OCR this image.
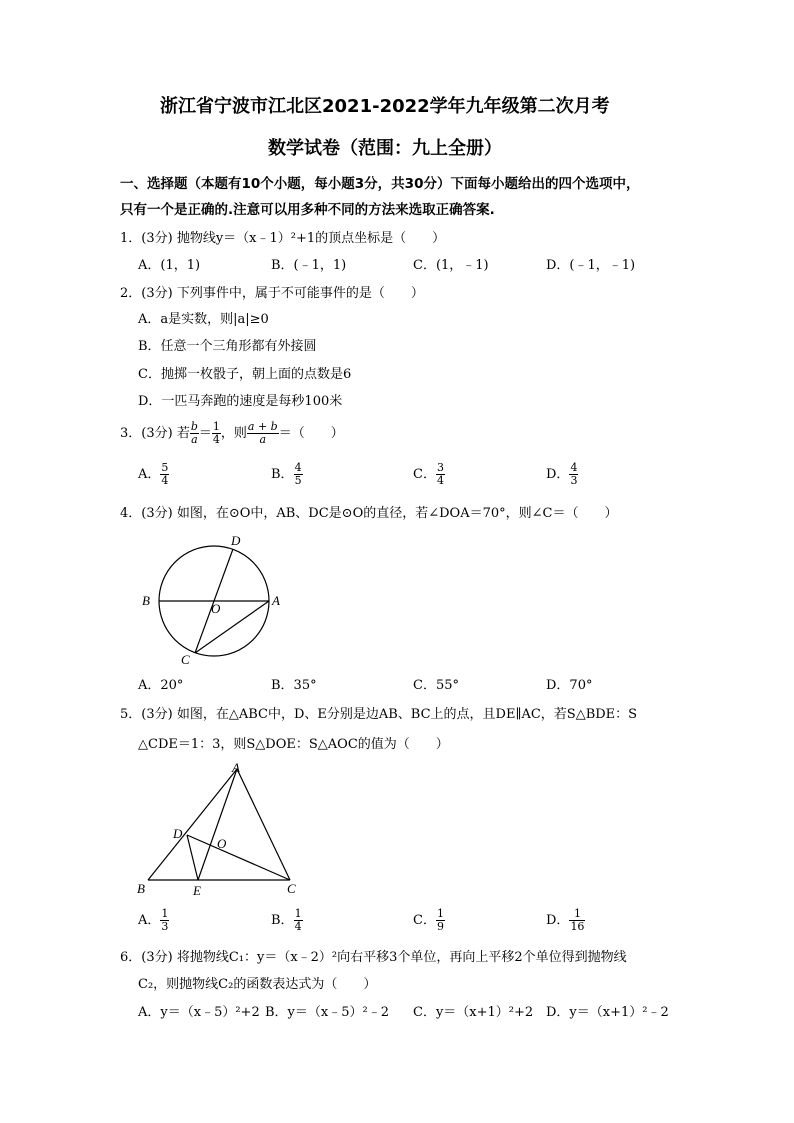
浙江省宁波市江北区2021-2022学年九年级第二次月考
数学试卷（范围：九上全册）
一、选择题（本题有10个小题，每小题3分，共30分）下面每小题给出的四个选项中，
只有一个是正确的.注意可以用多种不同的方法来选取正确答案.
1．(3分) 抛物线y＝（x﹣1）²+1的顶点坐标是（　　）
A．(1，1)	B．(﹣1，1)	C．(1，﹣1)	D．(﹣1，﹣1)
2．(3分) 下列事件中，属于不可能事件的是（　　）
A．a是实数，则|a|≥0
B．任意一个三角形都有外接圆
C．抛掷一枚骰子，朝上面的点数是6
D．一匹马奔跑的速度是每秒100米
3．(3分) 若 $\frac{b}{a} = \frac{1}{4}$ ，则 $\frac{a + b}{a}$ ＝（　　）
A． $\frac{5}{4}$	B． $\frac{4}{5}$	C． $\frac{3}{4}$	D． $\frac{4}{3}$
4．(3分) 如图，在⊙O中，AB、DC是⊙O的直径，若∠DOA＝70°，则∠C＝（　　）
D
B
O
A
C
A．20°	B．35°	C．55°	D．70°
5．(3分) 如图，在△ABC中，D、E分别是边AB、BC上的点，且DE∥AC，若S△BDE：S
△CDE＝1：3，则S△DOE：S△AOC的值为（　　）
A
D
O
B	E	C
A． $\frac{1}{3}$	B． $\frac{1}{4}$	C． $\frac{1}{9}$	D． $\frac{1}{16}$
6．(3分) 将抛物线C₁：y＝（x﹣2）²向右平移3个单位，再向上平移2个单位得到抛物线
C₂，则抛物线C₂的函数表达式为（　　）
A．y＝（x﹣5）²+2 B．y＝（x﹣5）²﹣2 C．y＝（x+1）²+2 D．y＝（x+1）²﹣2
